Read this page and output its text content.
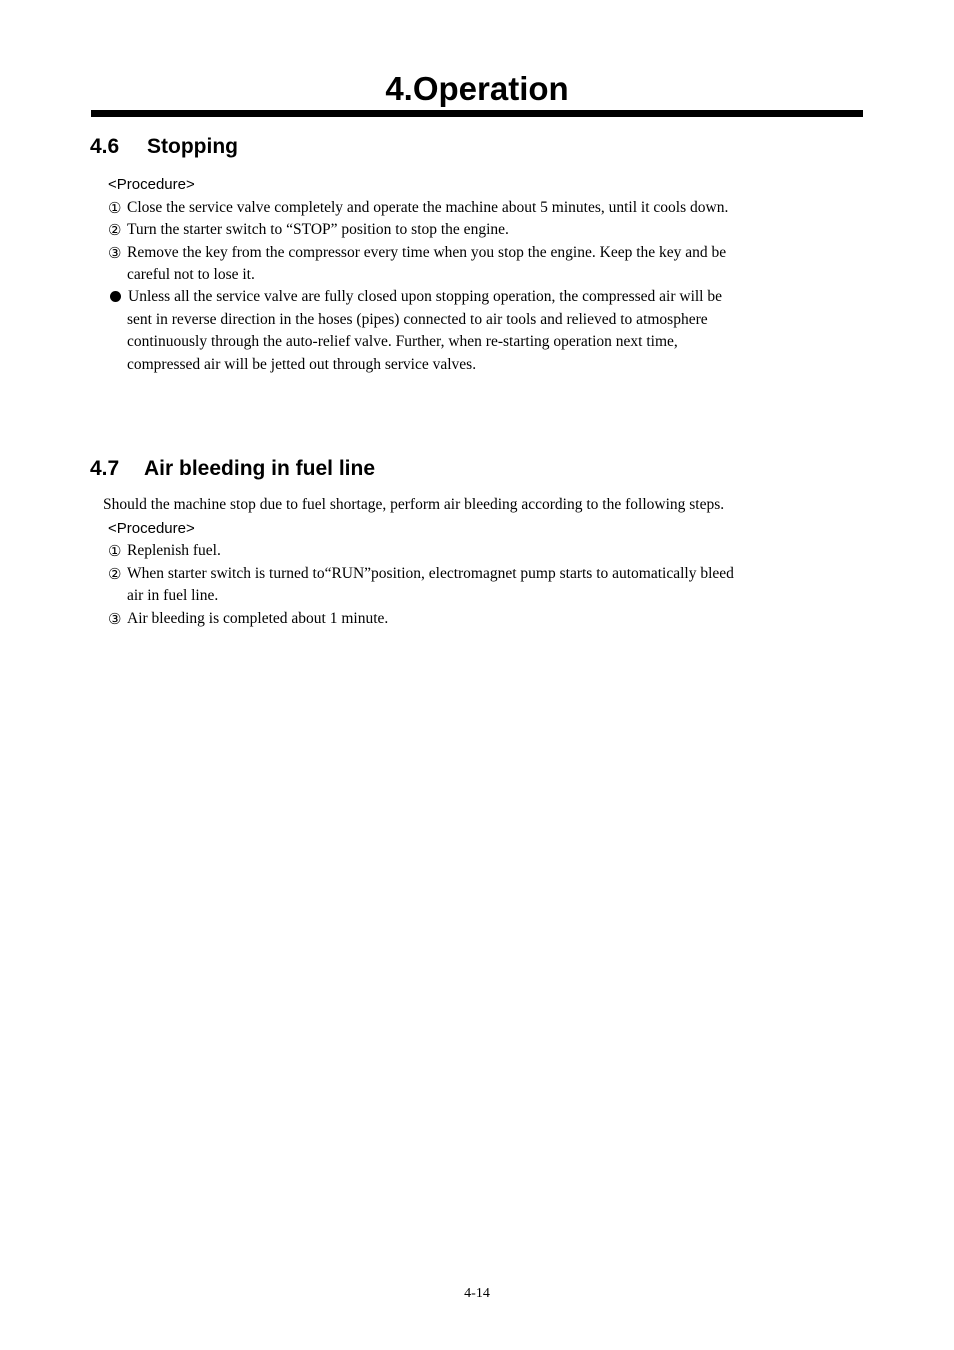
4.Operation
4.6 Stopping
<Procedure>
① Close the service valve completely and operate the machine about 5 minutes, until it cools down.
② Turn the starter switch to “STOP” position to stop the engine.
③ Remove the key from the compressor every time when you stop the engine. Keep the key and be
careful not to lose it.
Unless all the service valve are fully closed upon stopping operation, the compressed air will be
sent in reverse direction in the hoses (pipes) connected to air tools and relieved to atmosphere
continuously through the auto-relief valve. Further, when re-starting operation next time,
compressed air will be jetted out through service valves.
4.7 Air bleeding in fuel line
Should the machine stop due to fuel shortage, perform air bleeding according to the following steps.
<Procedure>
① Replenish fuel.
② When starter switch is turned to“RUN”position, electromagnet pump starts to automatically bleed
air in fuel line.
③ Air bleeding is completed about 1 minute.
4-14
